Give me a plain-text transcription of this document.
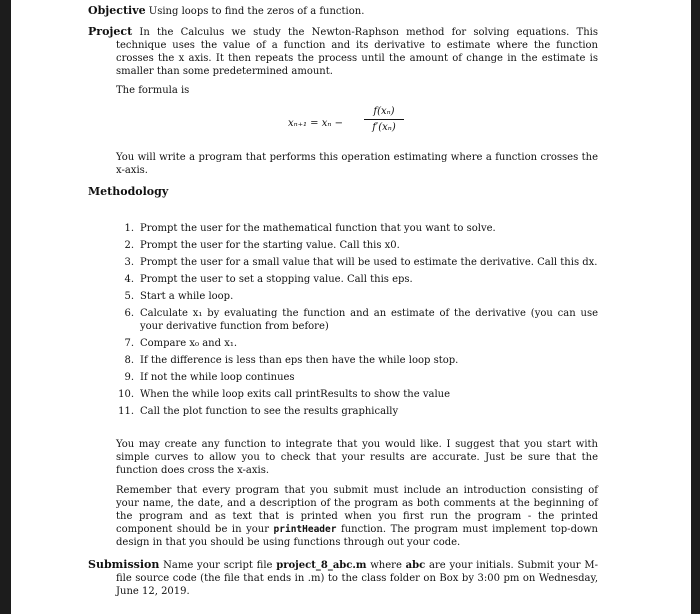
Objective Using loops to find the zeros of a function.

Project In the Calculus we study the Newton-Raphson method for solving equations. This technique uses the value of a function and its derivative to estimate where the function crosses the x axis. It then repeats the process until the amount of change in the estimate is smaller than some predetermined amount.

The formula is

$x_{n+1} = x_n - \frac{\text{f(xₙ)}}{\text{f′(xₙ)}}$

You will write a program that performs this operation estimating where a function crosses the x-axis.

Methodology
1. Prompt the user for the mathematical function that you want to solve.
2. Prompt the user for the starting value. Call this x0.
3. Prompt the user for a small value that will be used to estimate the derivative. Call this dx.
4. Prompt the user to set a stopping value. Call this eps.
5. Start a while loop.
6. Calculate x₁ by evaluating the function and an estimate of the derivative (you can use your derivative function from before)
7. Compare x₀ and x₁.
8. If the difference is less than eps then have the while loop stop.
9. If not the while loop continues
10. When the while loop exits call printResults to show the value
11. Call the plot function to see the results graphically

You may create any function to integrate that you would like. I suggest that you start with simple curves to allow you to check that your results are accurate. Just be sure that the function does cross the x-axis.

Remember that every program that you submit must include an introduction consisting of your name, the date, and a description of the program as both comments at the beginning of the program and as text that is printed when you first run the program - the printed component should be in your printHeader function. The program must implement top-down design in that you should be using functions through out your code.

Submission Name your script file project_8_abc.m where abc are your initials. Submit your M-file source code (the file that ends in .m) to the class folder on Box by 3:00 pm on Wednesday, June 12, 2019.
